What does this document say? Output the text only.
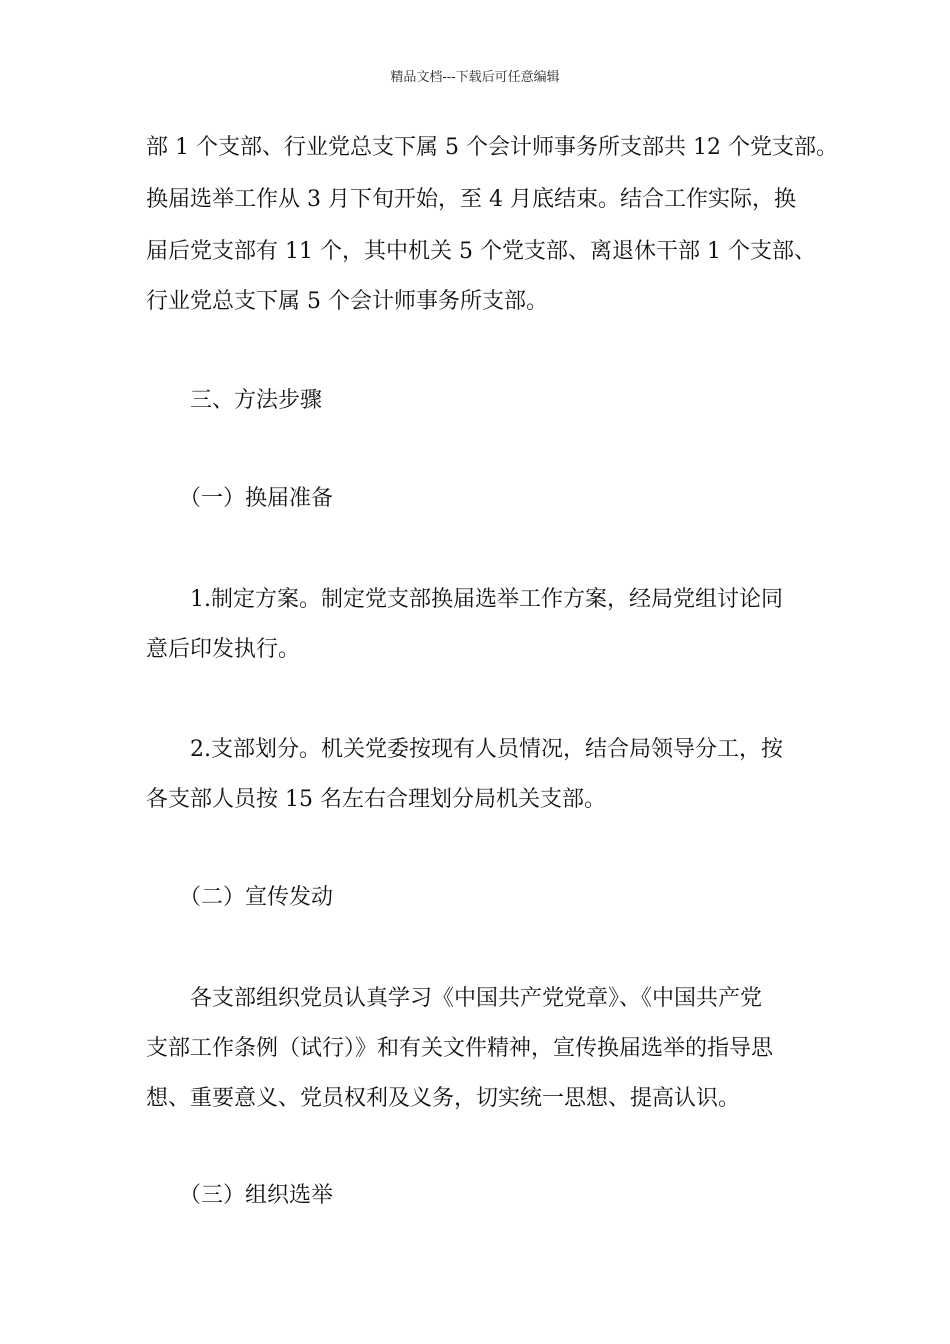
精品文档---下载后可任意编辑
部 1 个支部、行业党总支下属 5 个会计师事务所支部共 12 个党支部。
换届选举工作从 3 月下旬开始，至 4 月底结束。结合工作实际，换
届后党支部有 11 个，其中机关 5 个党支部、离退休干部 1 个支部、
行业党总支下属 5 个会计师事务所支部。
　　三、方法步骤
　　（一）换届准备
　　1.制定方案。制定党支部换届选举工作方案，经局党组讨论同
意后印发执行。
　　2.支部划分。机关党委按现有人员情况，结合局领导分工，按
各支部人员按 15 名左右合理划分局机关支部。
　　（二）宣传发动
　　各支部组织党员认真学习《中国共产党党章》、《中国共产党
支部工作条例（试行）》和有关文件精神，宣传换届选举的指导思
想、重要意义、党员权利及义务，切实统一思想、提高认识。
　　（三）组织选举
